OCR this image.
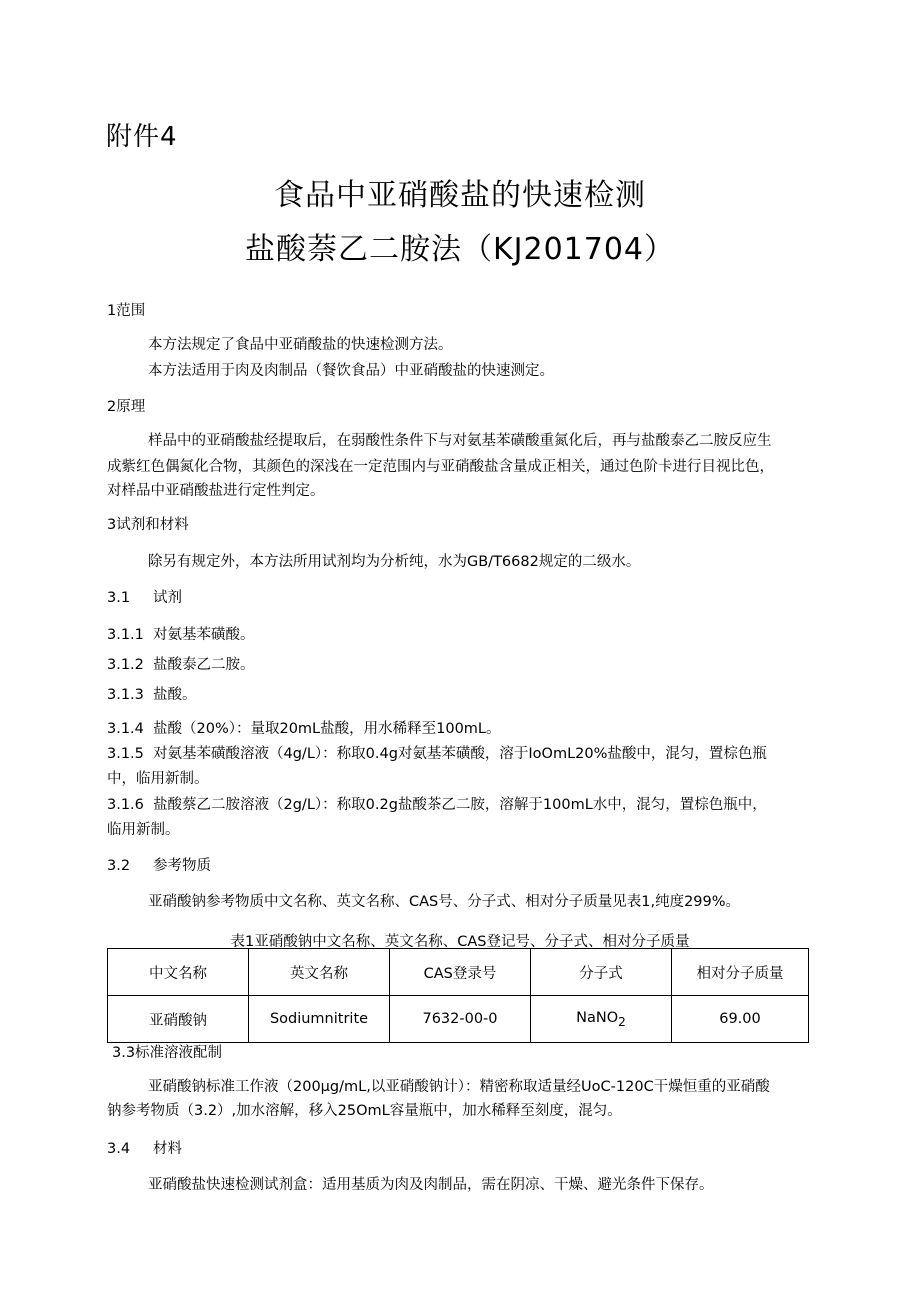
附件4
食品中亚硝酸盐的快速检测
盐酸萘乙二胺法（KJ201704）
1范围
本方法规定了食品中亚硝酸盐的快速检测方法。
本方法适用于肉及肉制品（餐饮食品）中亚硝酸盐的快速测定。
2原理
样品中的亚硝酸盐经提取后，在弱酸性条件下与对氨基苯磺酸重氮化后，再与盐酸泰乙二胺反应生
成紫红色偶氮化合物，其颜色的深浅在一定范围内与亚硝酸盐含量成正相关，通过色阶卡进行目视比色，
对样品中亚硝酸盐进行定性判定。
3试剂和材料
除另有规定外，本方法所用试剂均为分析纯，水为GB/T6682规定的二级水。
3.1 试剂
3.1.1 对氨基苯磺酸。
3.1.2 盐酸泰乙二胺。
3.1.3 盐酸。
3.1.4 盐酸（20%）：量取20mL盐酸，用水稀释至100mL。
3.1.5 对氨基苯磺酸溶液（4g∕L）：称取0.4g对氨基苯磺酸，溶于IoOmL20%盐酸中，混匀，置棕色瓶
中，临用新制。
3.1.6 盐酸蔡乙二胺溶液（2g∕L）：称取0.2g盐酸茶乙二胺，溶解于100mL水中，混匀，置棕色瓶中，
临用新制。
3.2 参考物质
亚硝酸钠参考物质中文名称、英文名称、CAS号、分子式、相对分子质量见表1,纯度299%。
表1亚硝酸钠中文名称、英文名称、CAS登记号、分子式、相对分子质量
中文名称	英文名称	CAS登录号	分子式	相对分子质量
亚硝酸钠	Sodiumnitrite	7632-00-0	NaNO$_2$	69.00
3.3标准溶液配制
亚硝酸钠标准工作液（200μg∕mL,以亚硝酸钠计）：精密称取适量经UoC-120C干燥恒重的亚硝酸
钠参考物质（3.2）,加水溶解，移入25OmL容量瓶中，加水稀释至刻度，混匀。
3.4 材料
亚硝酸盐快速检测试剂盒：适用基质为肉及肉制品，需在阴凉、干燥、避光条件下保存。
